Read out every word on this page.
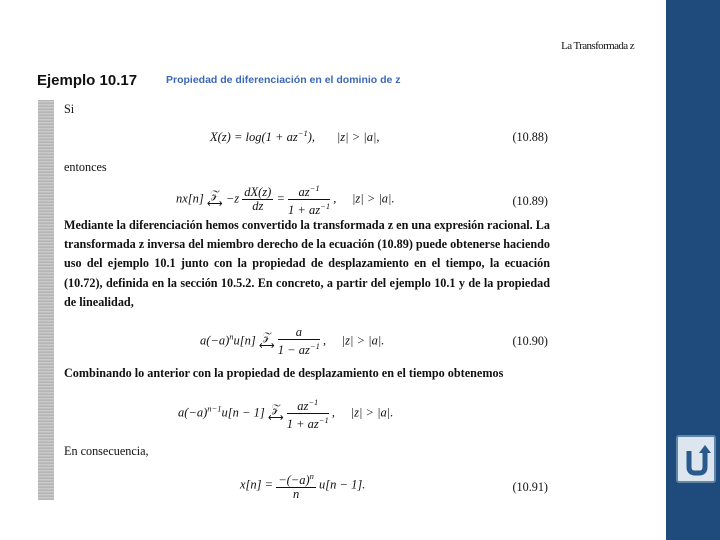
La Transformada z
Ejemplo 10.17	Propiedad de diferenciación en el dominio de z
Si
$X(z) = \log(1 + az^{-1})$,       |z| > |a|,	(10.88)
entonces
nx[n] 𝒵
⟷ $-z \frac{dX(z)}{dz} = \frac{az^{-1}}{1 + az^{-1}}$ ,     |z| > |a|.	(10.89)
Mediante la diferenciación hemos convertido la transformada z en una expresión racional. La transformada z inversa del miembro derecho de la ecuación (10.89) puede obtenerse haciendo uso del ejemplo 10.1 junto con la propiedad de desplazamiento en el tiempo, la ecuación (10.72), definida en la sección 10.5.2. En concreto, a partir del ejemplo 10.1 y de la propiedad de linealidad,
$a(-a)^nu[n]$ 𝒵
⟷ $\frac{a}{1 - az^{-1}}$ ,     |z| > |a|.	(10.90)
Combinando lo anterior con la propiedad de desplazamiento en el tiempo obtenemos
$a(-a)^{n-1}u[n - 1]$ 𝒵
⟷ $\frac{az^{-1}}{1 + az^{-1}}$ ,     |z| > |a|.
En consecuencia,
$x[n] = \frac{-(-a)^n}{n} u[n - 1]$.	(10.91)
